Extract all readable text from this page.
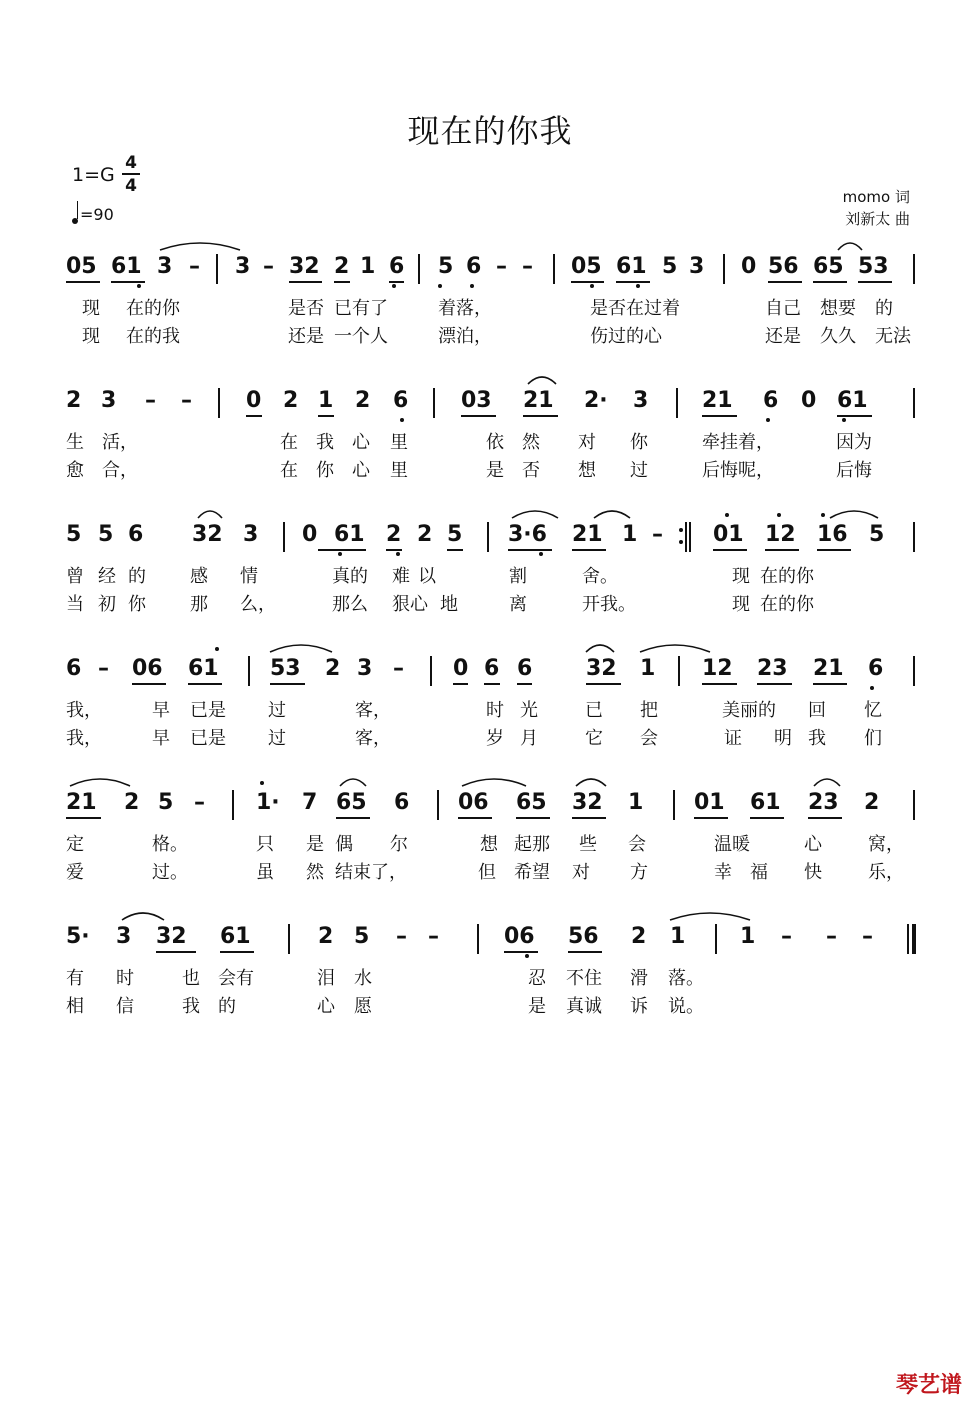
现在的你我
1=G
4
4
=90
momo 词
刘新太 曲
05 61 3 – 3 – 32 2 1 6 5 6 – – 05 61 5 3 0 56 65 53
现 在的你	是否 已有了	着落，	是否在过着	自己 想要 的
现 在的我	还是 一个人	漂泊，	伤过的心	还是 久久 无法
2 3 – – 0 2 1 2 6 03 21 2· 3 21 6 0 61
生 活，	在 我 心 里	依 然 对 你	牵挂着，	因为
愈 合，	在 你 心 里	是 否 想 过	后悔呢，	后悔
5 5 6 32 3 0 61 2 2 5 3·6 21 1 – 01 12 16 5
曾 经 的 感 情	真的 难 以	割	舍。	现 在的你
当 初 你 那 么，	那么 狠心 地	离	开我。	现 在的你
6 – 06 61 53 2 3 – 0 6 6 32 1 12 23 21 6
我，	早 已是 过	客，	时 光	已 把	美丽的 回 忆
我，	早 已是 过	客，	岁 月	它 会	证 明 我 们
21 2 5 – 1· 7 65 6 06 65 32 1 01 61 23 2
定	格。	只 是 偶 尔	想 起那 些 会	温暖	心	窝，
爱	过。	虽 然 结束了，	但 希望 对 方	幸 福 快	乐，
5· 3 32 61	2 5 – –	06 56 2 1 1 – – –
有 时	也 会有	泪 水	忍 不住 滑 落。
相 信	我 的	心 愿	是 真诚 诉 说。
琴艺谱
